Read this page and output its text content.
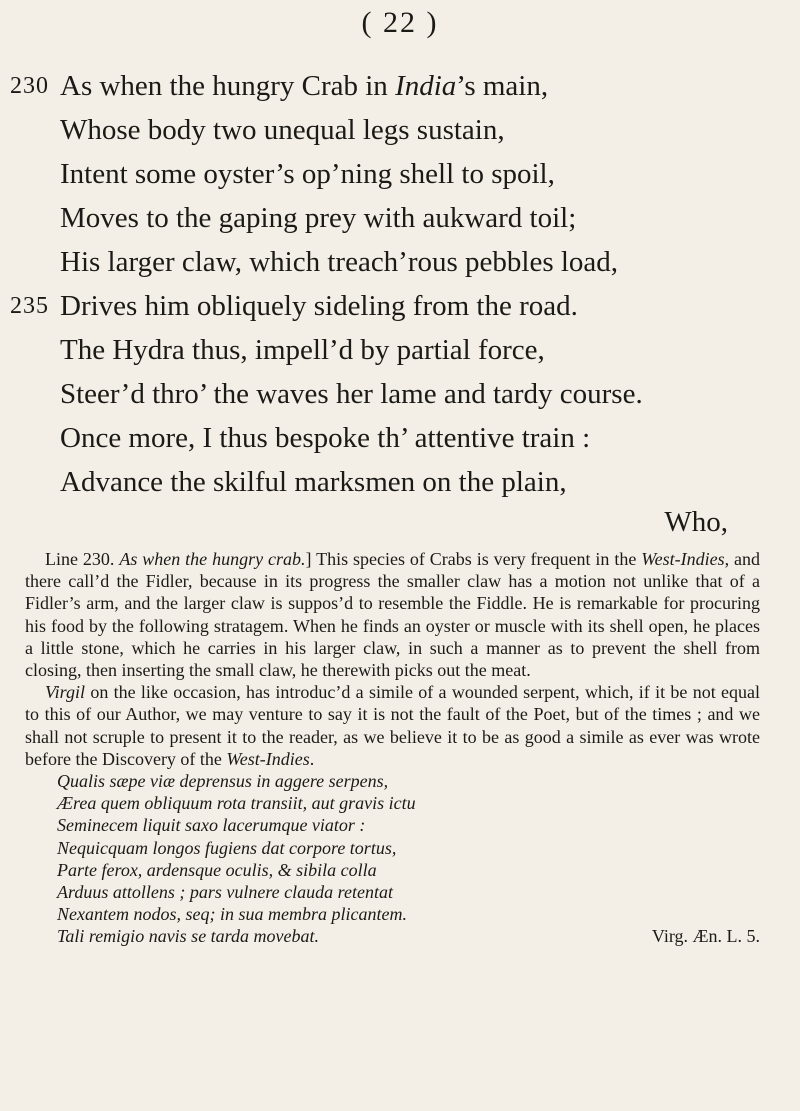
( 22 )
230 As when the hungry Crab in India’s main,
Whose body two unequal legs sustain,
Intent some oyster’s op’ning shell to spoil,
Moves to the gaping prey with aukward toil;
His larger claw, which treach’rous pebbles load,
235 Drives him obliquely sideling from the road.
The Hydra thus, impell’d by partial force,
Steer’d thro’ the waves her lame and tardy course.
Once more, I thus bespoke th’ attentive train :
Advance the skilful marksmen on the plain,
Who,

Line 230. As when the hungry crab.] This species of Crabs is very frequent in the West-Indies, and there call’d the Fidler, because in its progress the smaller claw has a motion not unlike that of a Fidler’s arm, and the larger claw is suppos’d to resemble the Fiddle. He is remarkable for procuring his food by the following stratagem. When he finds an oyster or muscle with its shell open, he places a little stone, which he carries in his larger claw, in such a manner as to prevent the shell from closing, then inserting the small claw, he therewith picks out the meat.

Virgil on the like occasion, has introduc’d a simile of a wounded serpent, which, if it be not equal to this of our Author, we may venture to say it is not the fault of the Poet, but of the times ; and we shall not scruple to present it to the reader, as we believe it to be as good a simile as ever was wrote before the Discovery of the West-Indies.

Qualis sæpe viæ deprensus in aggere serpens,
Ærea quem obliquum rota transiit, aut gravis ictu
Seminecem liquit saxo lacerumque viator :
Nequicquam longos fugiens dat corpore tortus,
Parte ferox, ardensque oculis, & sibila colla
Arduus attollens ; pars vulnere clauda retentat
Nexantem nodos, seq; in sua membra plicantem.
Tali remigio navis se tarda movebat.	Virg. Æn. L. 5.
